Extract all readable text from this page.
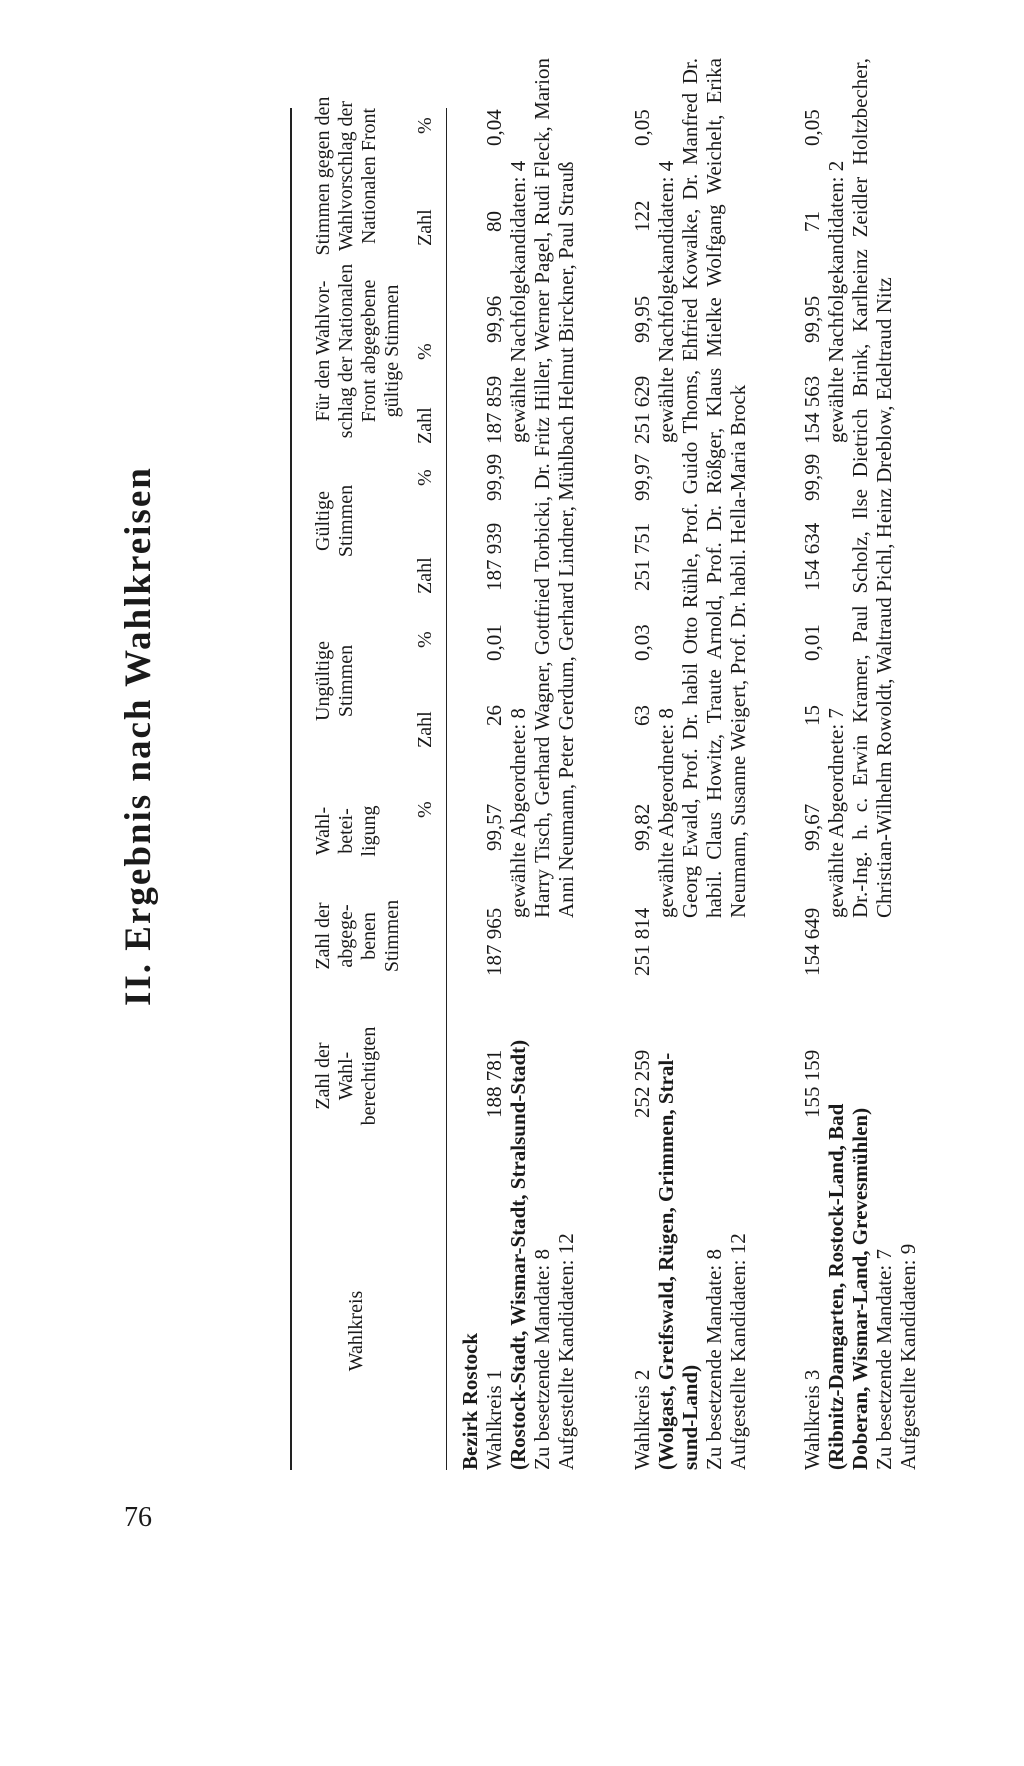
76
II. Ergebnis nach Wahlkreisen
Wahlkreis
Zahl der Wahl- berechtigten
Zahl der abgege- benen Stimmen
Wahl- betei- ligung
Ungültige Stimmen
Gültige Stimmen
Für den Wahlvor- schlag der Nationalen Front abgegebene gültige Stimmen
Stimmen gegen den Wahlvorschlag der Nationalen Front
%
Zahl
%
Zahl
%
Zahl
%
Zahl
%
Bezirk Rostock Wahlkreis 1 (Rostock-Stadt, Wismar-Stadt, Stralsund-Stadt) Zu besetzende Mandate: 8 Aufgestellte Kandidaten: 12
188 781
187 965
99,57
26
0,01
187 939
99,99
187 859
99,96
80
0,04
gewählte Abgeordnete: 8
gewählte Nachfolgekandidaten: 4 Harry Tisch, Gerhard Wagner, Gottfried Torbicki, Dr. Fritz Hiller, Werner Pagel, Rudi Fleck, Marion Anni Neumann, Peter Gerdum, Gerhard Lindner, Mühlbach Helmut Birckner, Paul Strauß

Wahlkreis 2 (Wolgast, Greifswald, Rügen, Grimmen, Stral- sund-Land) Zu besetzende Mandate: 8 Aufgestellte Kandidaten: 12
252 259
251 814
99,82
63
0,03
251 751
99,97
251 629
99,95
122
0,05
gewählte Abgeordnete: 8
gewählte Nachfolgekandidaten: 4 Georg Ewald, Prof. Dr. habil Otto Rühle, Prof. Guido Thoms, Ehfried Kowalke, Dr. Manfred Dr. habil. Claus Howitz, Traute Arnold, Prof. Dr. Rößger, Klaus Mielke Wolfgang Weichelt, Erika Neumann, Susanne Weigert, Prof. Dr. habil. Hella-Maria Brock

Wahlkreis 3 (Ribnitz-Damgarten, Rostock-Land, Bad Doberan, Wismar-Land, Grevesmühlen) Zu besetzende Mandate: 7 Aufgestellte Kandidaten: 9
155 159
154 649
99,67
15
0,01
154 634
99,99
154 563
99,95
71
0,05
gewählte Abgeordnete: 7
gewählte Nachfolgekandidaten: 2 Dr.-Ing. h. c. Erwin Kramer, Paul Scholz, Ilse Dietrich Brink, Karlheinz Zeidler Holtzbecher, Christian-Wilhelm Rowoldt, Waltraud Pichl, Heinz Dreblow, Edeltraud Nitz
